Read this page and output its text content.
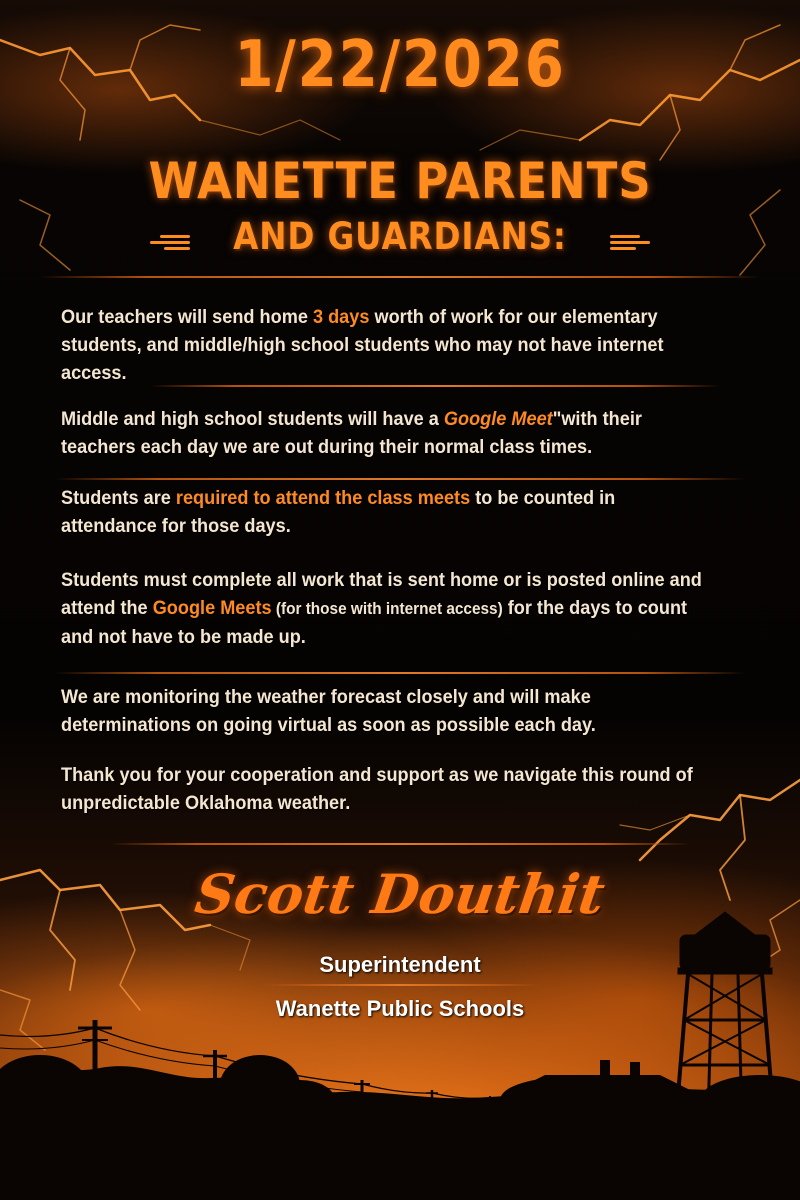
1/22/2026
WANETTE PARENTS
AND GUARDIANS:
Our teachers will send home 3 days worth of work for our elementary students, and middle/high school students who may not have internet access.
Middle and high school students will have a Google Meet"with their teachers each day we are out during their normal class times.
Students are required to attend the class meets to be counted in attendance for those days.
Students must complete all work that is sent home or is posted online and attend the Google Meets (for those with internet access) for the days to count and not have to be made up.
We are monitoring the weather forecast closely and will make determinations on going virtual as soon as possible each day.
Thank you for your cooperation and support as we navigate this round of unpredictable Oklahoma weather.
Scott Douthit
Superintendent
Wanette Public Schools
